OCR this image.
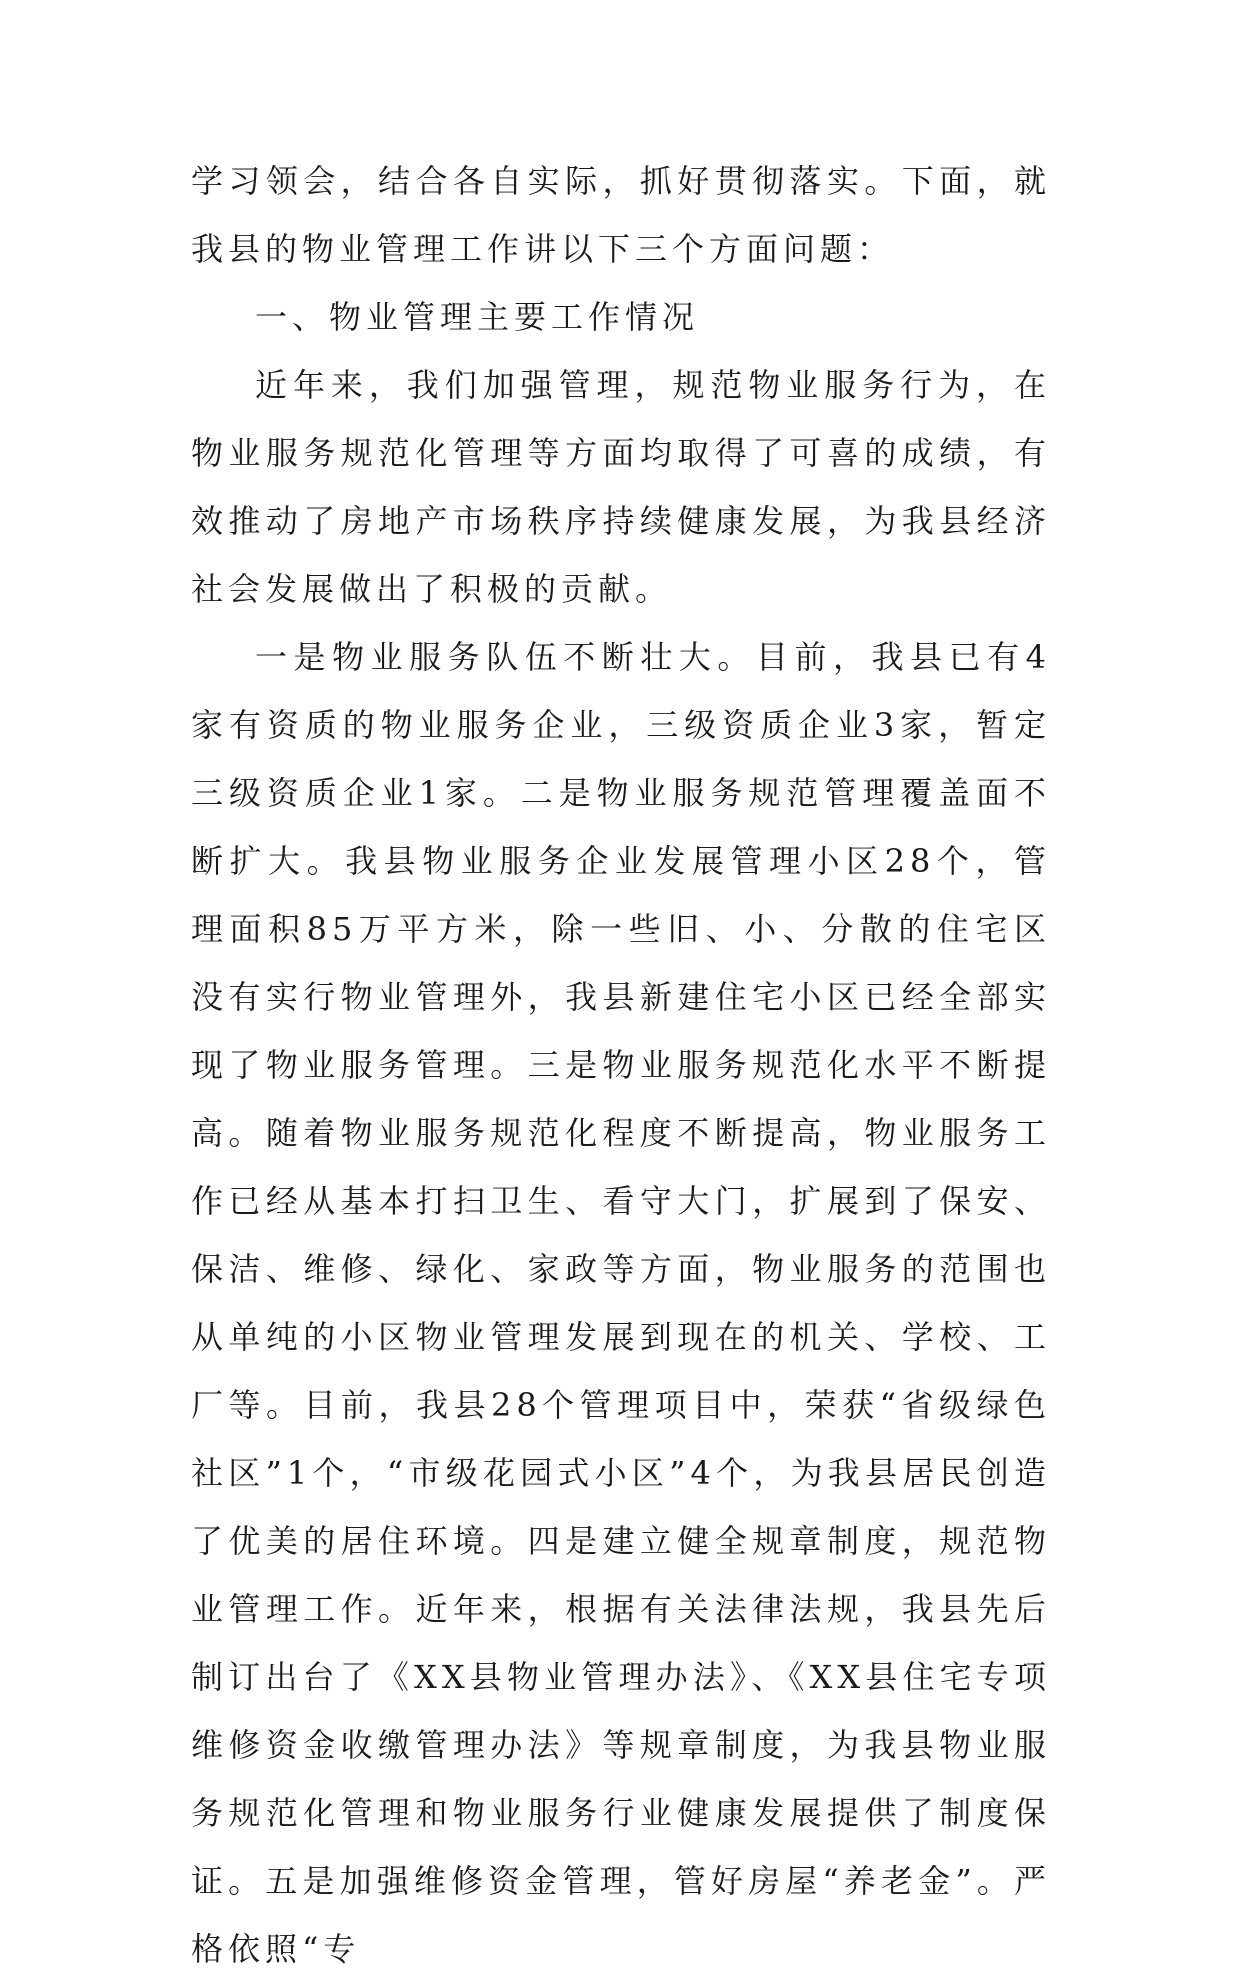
学习领会，结合各自实际，抓好贯彻落实。下面，就我县的物业管理工作讲以下三个方面问题：

一、物业管理主要工作情况

近年来，我们加强管理，规范物业服务行为，在物业服务规范化管理等方面均取得了可喜的成绩，有效推动了房地产市场秩序持续健康发展，为我县经济社会发展做出了积极的贡献。

一是物业服务队伍不断壮大。目前，我县已有4家有资质的物业服务企业，三级资质企业3家，暂定三级资质企业1家。二是物业服务规范管理覆盖面不断扩大。我县物业服务企业发展管理小区28个，管理面积85万平方米，除一些旧、小、分散的住宅区没有实行物业管理外，我县新建住宅小区已经全部实现了物业服务管理。三是物业服务规范化水平不断提高。随着物业服务规范化程度不断提高，物业服务工作已经从基本打扫卫生、看守大门，扩展到了保安、保洁、维修、绿化、家政等方面，物业服务的范围也从单纯的小区物业管理发展到现在的机关、学校、工厂等。目前，我县28个管理项目中，荣获“省级绿色社区”1个，“市级花园式小区”4个，为我县居民创造了优美的居住环境。四是建立健全规章制度，规范物业管理工作。近年来，根据有关法律法规，我县先后制订出台了《XX县物业管理办法》、《XX县住宅专项维修资金收缴管理办法》等规章制度，为我县物业服务规范化管理和物业服务行业健康发展提供了制度保证。五是加强维修资金管理，管好房屋“养老金”。严格依照“专
